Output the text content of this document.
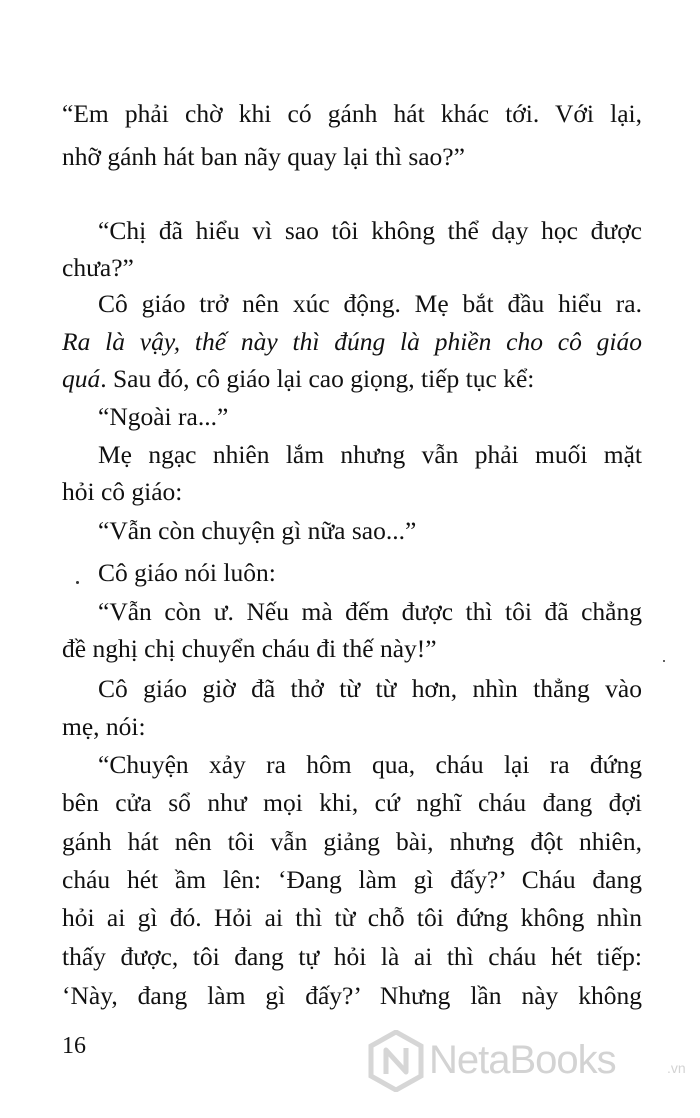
“Em phải chờ khi có gánh hát khác tới. Với lại,
nhỡ gánh hát ban nãy quay lại thì sao?”
“Chị đã hiểu vì sao tôi không thể dạy học được
chưa?”
Cô giáo trở nên xúc động. Mẹ bắt đầu hiểu ra.
Ra là vậy, thế này thì đúng là phiền cho cô giáo
quá. Sau đó, cô giáo lại cao giọng, tiếp tục kể:
“Ngoài ra...”
Mẹ ngạc nhiên lắm nhưng vẫn phải muối mặt
hỏi cô giáo:
“Vẫn còn chuyện gì nữa sao...”
Cô giáo nói luôn:
“Vẫn còn ư. Nếu mà đếm được thì tôi đã chẳng
đề nghị chị chuyển cháu đi thế này!”
Cô giáo giờ đã thở từ từ hơn, nhìn thẳng vào
mẹ, nói:
“Chuyện xảy ra hôm qua, cháu lại ra đứng
bên cửa sổ như mọi khi, cứ nghĩ cháu đang đợi
gánh hát nên tôi vẫn giảng bài, nhưng đột nhiên,
cháu hét ầm lên: ‘Đang làm gì đấy?’ Cháu đang
hỏi ai gì đó. Hỏi ai thì từ chỗ tôi đứng không nhìn
thấy được, tôi đang tự hỏi là ai thì cháu hét tiếp:
‘Này, đang làm gì đấy?’ Nhưng lần này không
16	NetaBooks	.vn
